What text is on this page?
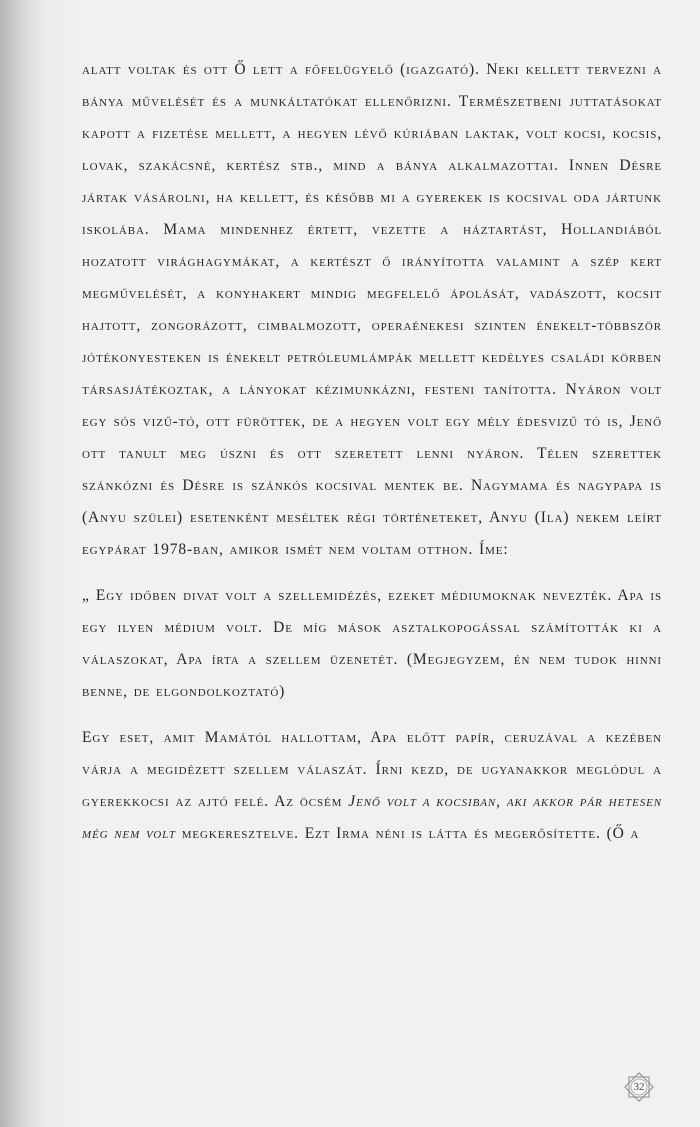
alatt voltak és ott Ő lett a főfelügyelő (igazgató). Neki kellett tervezni a bánya művelését és a munkáltatókat ellenőrizni. Természetbeni juttatásokat kapott a fizetése mellett, a hegyen lévő kúriában laktak, volt kocsi, kocsis, lovak, szakácsné, kertész stb., mind a bánya alkalmazottai. Innen Désre jártak vásárolni, ha kellett, és később mi a gyerekek is kocsival oda jártunk iskolába. Mama mindenhez értett, vezette a háztartást, Hollandiából hozatott virághagymákat, a kertészt ő irányította valamint a szép kert megművelését, a konyhakert mindig megfelelő ápolását, vadászott, kocsit hajtott, zongorázott, cimbalmozott, operaénekesi szinten énekelt-többször jótékonyesteken is énekelt petróleumlámpák mellett kedélyes családi körben társasjátékoztak, a lányokat kézimunkázni, festeni tanította. Nyáron volt egy sós vizű-tó, ott füröttek, de a hegyen volt egy mély édesvizű tó is, Jenő ott tanult meg úszni és ott szeretett lenni nyáron. Télen szerettek szánkózni és Désre is szánkós kocsival mentek be. Nagymama és nagypapa is (Anyu szülei) esetenként meséltek régi történeteket, Anyu (Ila) nekem leírt egypárat 1978-ban, amikor ismét nem voltam otthon. Íme:

„ Egy időben divat volt a szellemidézés, ezeket médiumoknak nevezték. Apa is egy ilyen médium volt. De míg mások asztalkopogással számították ki a válaszokat, Apa írta a szellem üzenetét. (Megjegyzem, én nem tudok hinni benne, de elgondolkoztató)

Egy eset, amit Mamától hallottam, Apa előtt papír, ceruzával a kezében várja a megidézett szellem válaszát. Írni kezd, de ugyanakkor meglódul a gyerekkocsi az ajtó felé. Az öcsém Jenő volt a kocsiban, aki akkor pár hetesen még nem volt megkeresztelve. Ezt Irma néni is látta és megerősítette. (Ő a

32
